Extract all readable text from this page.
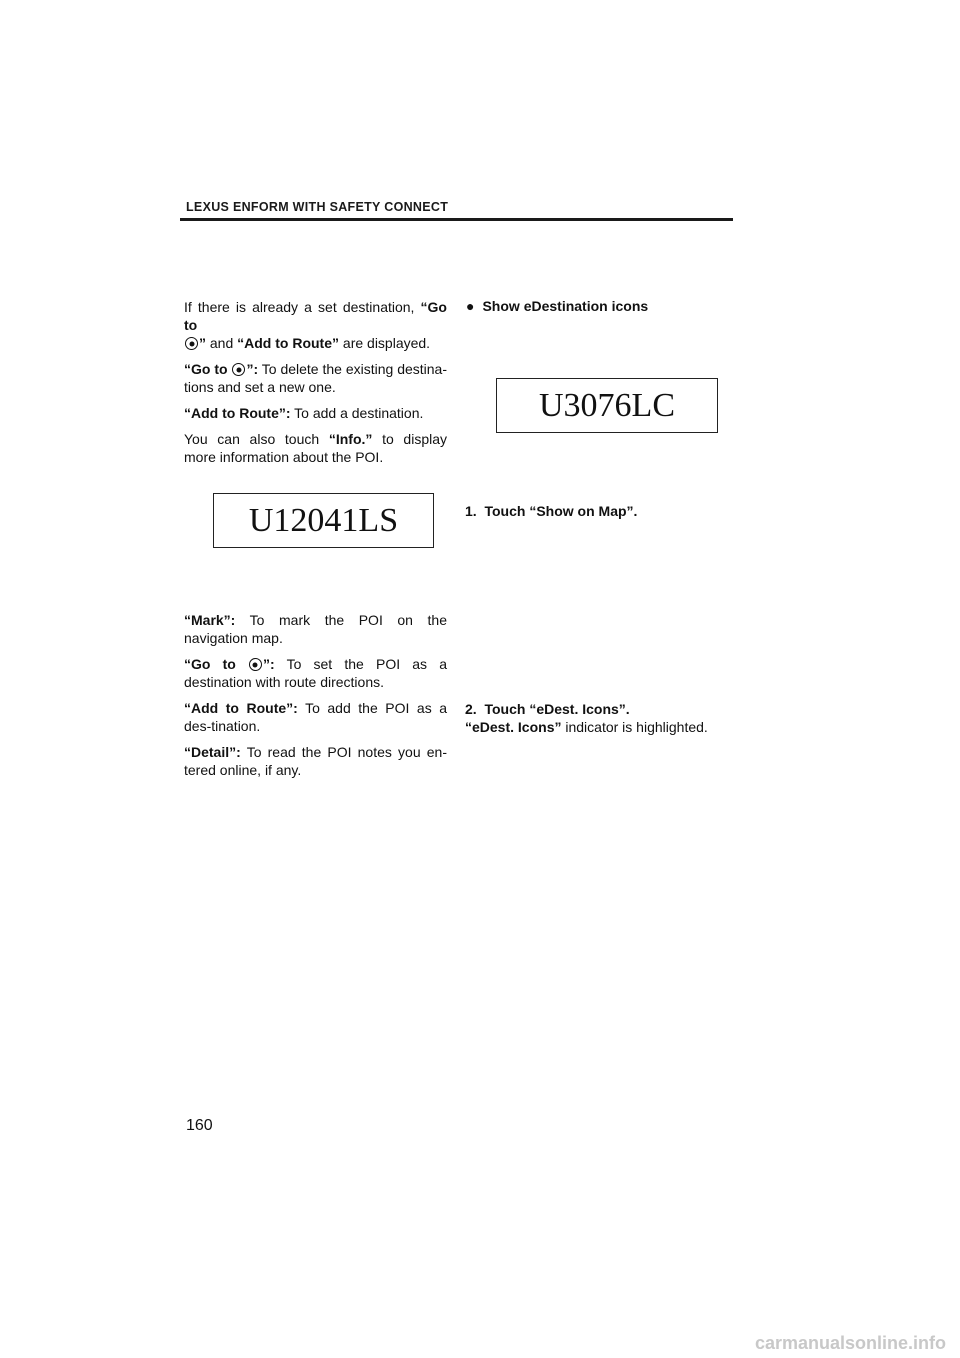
LEXUS ENFORM WITH SAFETY CONNECT

If there is already a set destination, “Go to
” and “Add to Route” are displayed.

“Go to ”: To delete the existing destina-tions and set a new one.

“Add to Route”: To add a destination.

You can also touch “Info.” to display more information about the POI.

U12041LS

“Mark”: To mark the POI on the navigation map.

“Go to ”: To set the POI as a destination with route directions.

“Add to Route”: To add the POI as a des-tination.

“Detail”: To read the POI notes you en-tered online, if any.

● Show eDestination icons
U3076LC
1. Touch “Show on Map”.
2. Touch “eDest. Icons”.
“eDest. Icons” indicator is highlighted.
160
carmanualsonline.info
